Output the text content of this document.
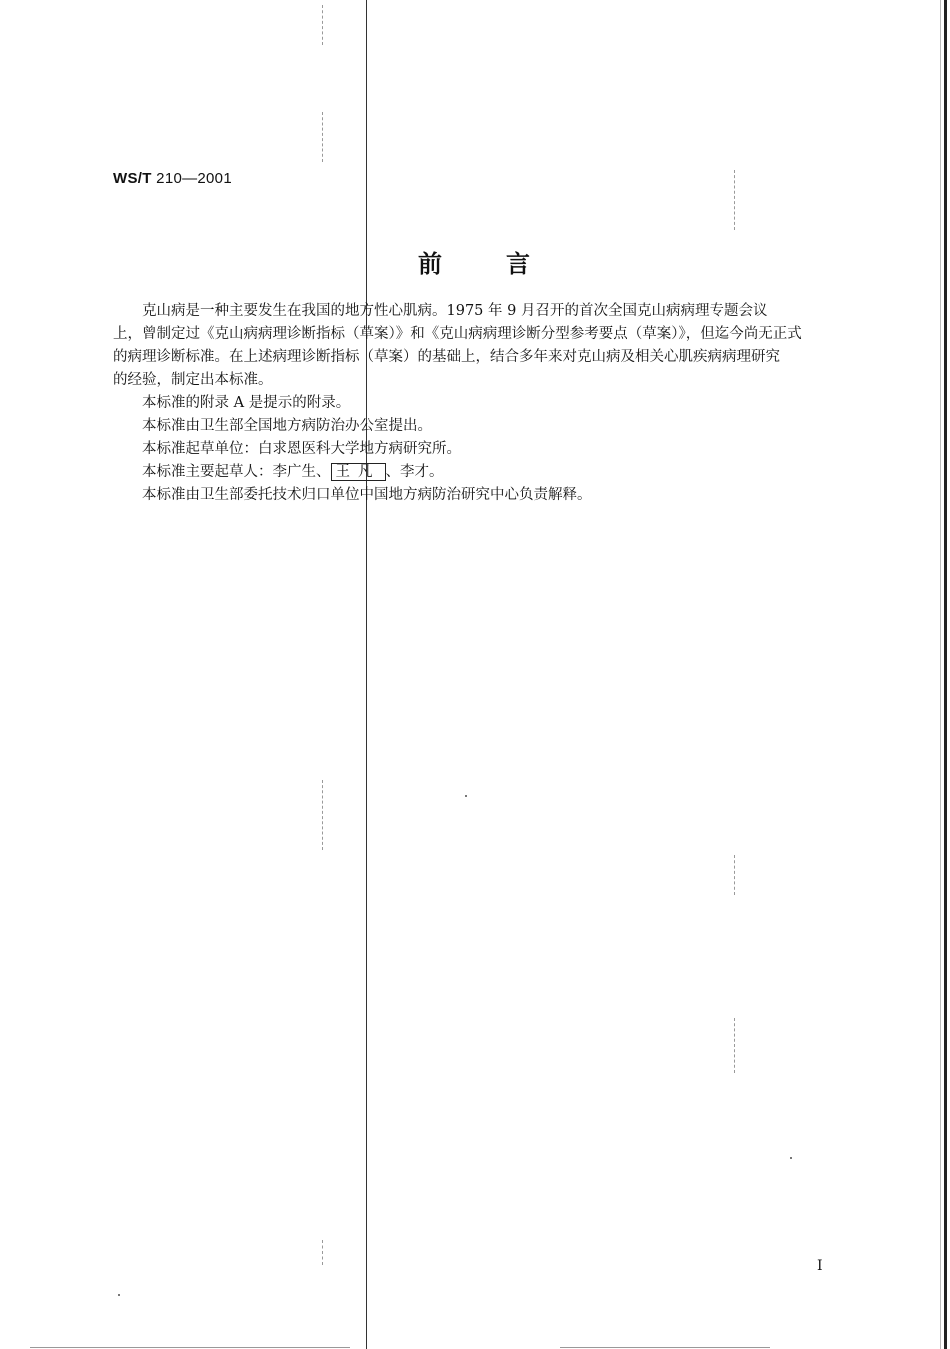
WS/T 210—2001
前言
克山病是一种主要发生在我国的地方性心肌病。1975 年 9 月召开的首次全国克山病病理专题会议
上，曾制定过《克山病病理诊断指标（草案）》和《克山病病理诊断分型参考要点（草案）》，但迄今尚无正式
的病理诊断标准。在上述病理诊断指标（草案）的基础上，结合多年来对克山病及相关心肌疾病病理研究
的经验，制定出本标准。
本标准的附录 A 是提示的附录。
本标准由卫生部全国地方病防治办公室提出。
本标准起草单位：白求恩医科大学地方病研究所。
本标准主要起草人：李广生、 王凡 、李才。
本标准由卫生部委托技术归口单位中国地方病防治研究中心负责解释。
I
